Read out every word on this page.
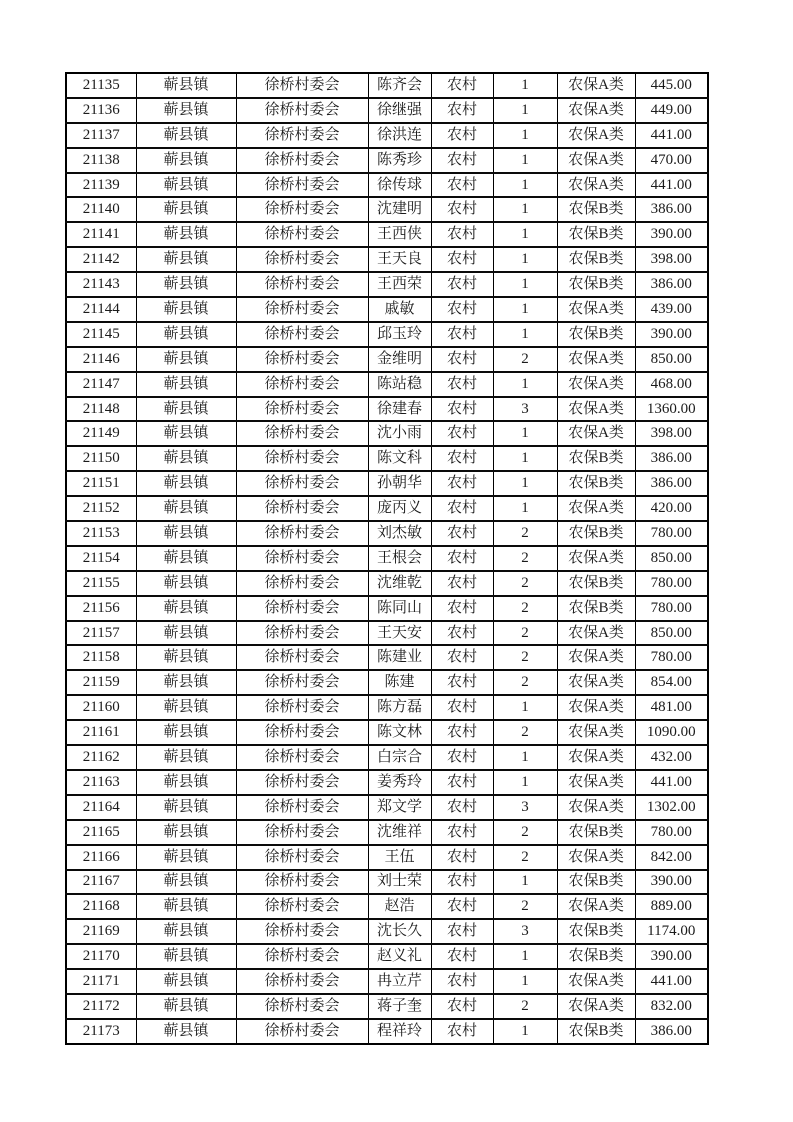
21135	蕲县镇	徐桥村委会	陈齐会	农村	1	农保A类	445.00
21136	蕲县镇	徐桥村委会	徐继强	农村	1	农保A类	449.00
21137	蕲县镇	徐桥村委会	徐洪连	农村	1	农保A类	441.00
21138	蕲县镇	徐桥村委会	陈秀珍	农村	1	农保A类	470.00
21139	蕲县镇	徐桥村委会	徐传球	农村	1	农保A类	441.00
21140	蕲县镇	徐桥村委会	沈建明	农村	1	农保B类	386.00
21141	蕲县镇	徐桥村委会	王西侠	农村	1	农保B类	390.00
21142	蕲县镇	徐桥村委会	王天良	农村	1	农保B类	398.00
21143	蕲县镇	徐桥村委会	王西荣	农村	1	农保B类	386.00
21144	蕲县镇	徐桥村委会	戚敏	农村	1	农保A类	439.00
21145	蕲县镇	徐桥村委会	邱玉玲	农村	1	农保B类	390.00
21146	蕲县镇	徐桥村委会	金维明	农村	2	农保A类	850.00
21147	蕲县镇	徐桥村委会	陈站稳	农村	1	农保A类	468.00
21148	蕲县镇	徐桥村委会	徐建春	农村	3	农保A类	1360.00
21149	蕲县镇	徐桥村委会	沈小雨	农村	1	农保A类	398.00
21150	蕲县镇	徐桥村委会	陈文科	农村	1	农保B类	386.00
21151	蕲县镇	徐桥村委会	孙朝华	农村	1	农保B类	386.00
21152	蕲县镇	徐桥村委会	庞丙义	农村	1	农保A类	420.00
21153	蕲县镇	徐桥村委会	刘杰敏	农村	2	农保B类	780.00
21154	蕲县镇	徐桥村委会	王根会	农村	2	农保A类	850.00
21155	蕲县镇	徐桥村委会	沈维乾	农村	2	农保B类	780.00
21156	蕲县镇	徐桥村委会	陈同山	农村	2	农保B类	780.00
21157	蕲县镇	徐桥村委会	王天安	农村	2	农保A类	850.00
21158	蕲县镇	徐桥村委会	陈建业	农村	2	农保A类	780.00
21159	蕲县镇	徐桥村委会	陈建	农村	2	农保A类	854.00
21160	蕲县镇	徐桥村委会	陈方磊	农村	1	农保A类	481.00
21161	蕲县镇	徐桥村委会	陈文林	农村	2	农保A类	1090.00
21162	蕲县镇	徐桥村委会	白宗合	农村	1	农保A类	432.00
21163	蕲县镇	徐桥村委会	姜秀玲	农村	1	农保A类	441.00
21164	蕲县镇	徐桥村委会	郑文学	农村	3	农保A类	1302.00
21165	蕲县镇	徐桥村委会	沈维祥	农村	2	农保B类	780.00
21166	蕲县镇	徐桥村委会	王伍	农村	2	农保A类	842.00
21167	蕲县镇	徐桥村委会	刘士荣	农村	1	农保B类	390.00
21168	蕲县镇	徐桥村委会	赵浩	农村	2	农保A类	889.00
21169	蕲县镇	徐桥村委会	沈长久	农村	3	农保B类	1174.00
21170	蕲县镇	徐桥村委会	赵义礼	农村	1	农保B类	390.00
21171	蕲县镇	徐桥村委会	冉立芹	农村	1	农保A类	441.00
21172	蕲县镇	徐桥村委会	蒋子奎	农村	2	农保A类	832.00
21173	蕲县镇	徐桥村委会	程祥玲	农村	1	农保B类	386.00
